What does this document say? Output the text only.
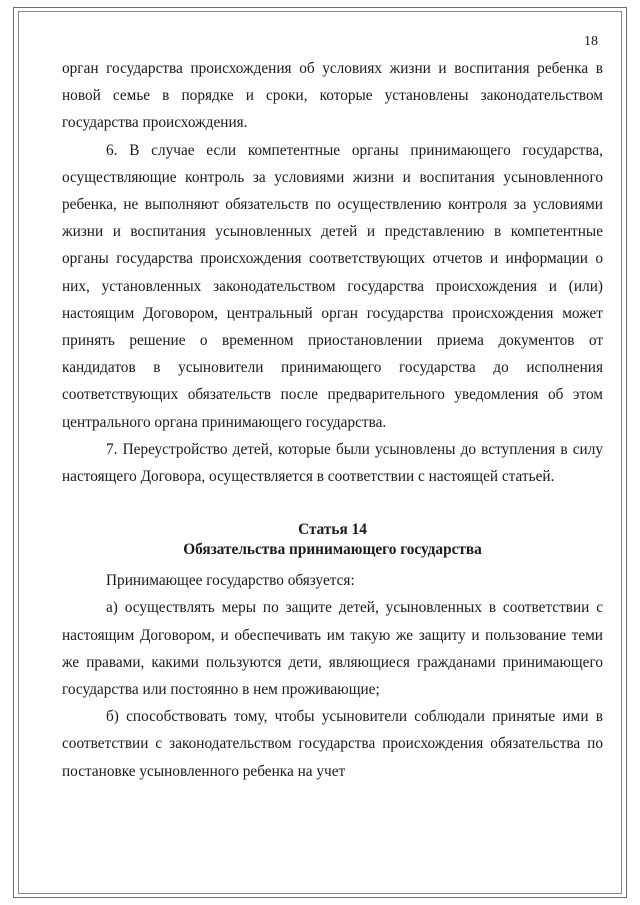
18

орган государства происхождения об условиях жизни и воспитания ребенка в новой семье в порядке и сроки, которые установлены законодательством государства происхождения.

6. В случае если компетентные органы принимающего государства, осуществляющие контроль за условиями жизни и воспитания усыновленного ребенка, не выполняют обязательств по осуществлению контроля за условиями жизни и воспитания усыновленных детей и представлению в компетентные органы государства происхождения соответствующих отчетов и информации о них, установленных законодательством государства происхождения и (или) настоящим Договором, центральный орган государства происхождения может принять решение о временном приостановлении приема документов от кандидатов в усыновители принимающего государства до исполнения соответствующих обязательств после предварительного уведомления об этом центрального органа принимающего государства.

7. Переустройство детей, которые были усыновлены до вступления в силу настоящего Договора, осуществляется в соответствии с настоящей статьей.

Статья 14

Обязательства принимающего государства

Принимающее государство обязуется:

а) осуществлять меры по защите детей, усыновленных в соответствии с настоящим Договором, и обеспечивать им такую же защиту и пользование теми же правами, какими пользуются дети, являющиеся гражданами принимающего государства или постоянно в нем проживающие;

б) способствовать тому, чтобы усыновители соблюдали принятые ими в соответствии с законодательством государства происхождения обязательства по постановке усыновленного ребенка на учет
